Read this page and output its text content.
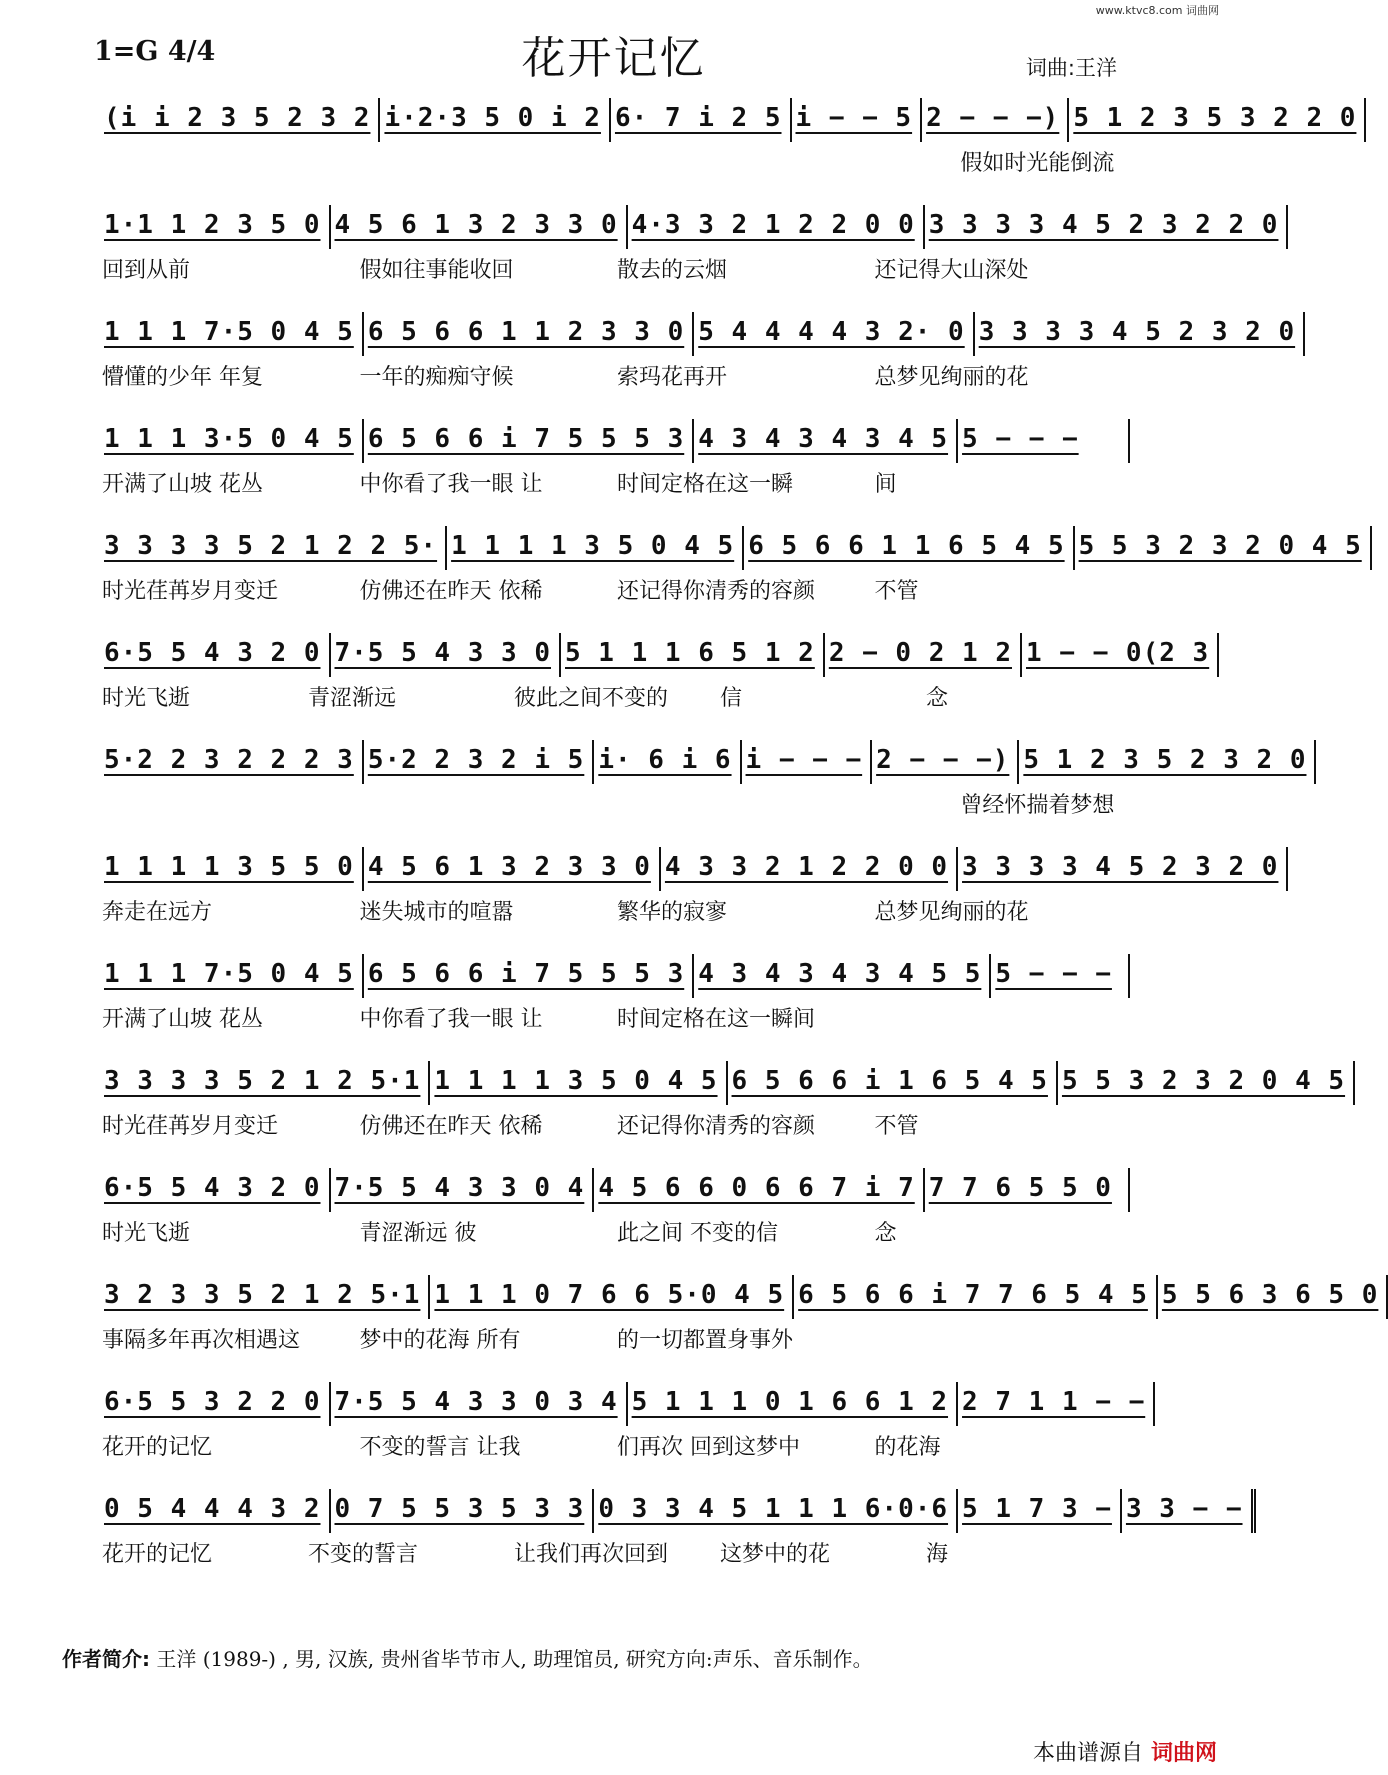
www.ktvc8.com 词曲网
1=G 4/4	花开记忆	词曲:王洋
(i i 2 3 5 2 3 2 i·2·3 5 0 i 2 6· 7 i 2 5 i − − 5 2 − − −) 5 1 2 3 5 3 2 2 0
假如时光能倒流
1·1 1 2 3 5 0 4 5 6 1 3 2 3 3 0 4·3 3 2 1 2 2 0 0 3 3 3 3 4 5 2 3 2 2 0
回到从前	假如往事能收回	散去的云烟	还记得大山深处
1 1 1 7·5 0 4 5 6 5 6 6 1 1 2 3 3 0 5 4 4 4 4 3 2· 0 3 3 3 3 4 5 2 3 2 0
懵懂的少年 年复	一年的痴痴守候	索玛花再开	总梦见绚丽的花
1 1 1 3·5 0 4 5 6 5 6 6 i 7 5 5 5 3 4 3 4 3 4 3 4 5 5 − − −
开满了山坡 花丛	中你看了我一眼 让	时间定格在这一瞬	间
3 3 3 3 5 2 1 2 2 5· 1 1 1 1 3 5 0 4 5 6 5 6 6 1 1 6 5 4 5 5 5 3 2 3 2 0 4 5
时光荏苒岁月变迁	仿佛还在昨天 依稀	还记得你清秀的容颜	不管
6·5 5 4 3 2 0 7·5 5 4 3 3 0 5 1 1 1 6 5 1 2 2 − 0 2 1 2 1 − − 0(2 3
时光飞逝	青涩渐远	彼此之间不变的	信	念
5·2 2 3 2 2 2 3 5·2 2 3 2 i 5 i· 6 i 6 i − − − 2 − − −) 5 1 2 3 5 2 3 2 0
曾经怀揣着梦想
1 1 1 1 3 5 5 0 4 5 6 1 3 2 3 3 0 4 3 3 2 1 2 2 0 0 3 3 3 3 4 5 2 3 2 0
奔走在远方	迷失城市的喧嚣	繁华的寂寥	总梦见绚丽的花
1 1 1 7·5 0 4 5 6 5 6 6 i 7 5 5 5 3 4 3 4 3 4 3 4 5 5 5 − − −
开满了山坡 花丛	中你看了我一眼 让	时间定格在这一瞬间
3 3 3 3 5 2 1 2 5·1 1 1 1 1 3 5 0 4 5 6 5 6 6 i 1 6 5 4 5 5 5 3 2 3 2 0 4 5
时光荏苒岁月变迁	仿佛还在昨天 依稀	还记得你清秀的容颜	不管
6·5 5 4 3 2 0 7·5 5 4 3 3 0 4 4 5 6 6 0 6 6 7 i 7 7 7 6 5 5 0
时光飞逝	青涩渐远 彼	此之间 不变的信	念
3 2 3 3 5 2 1 2 5·1 1 1 1 0 7 6 6 5·0 4 5 6 5 6 6 i 7 7 6 5 4 5 5 5 6 3 6 5 0
事隔多年再次相遇这	梦中的花海 所有	的一切都置身事外
6·5 5 3 2 2 0 7·5 5 4 3 3 0 3 4 5 1 1 1 0 1 6 6 1 2 2 7 1 1 − −
花开的记忆	不变的誓言 让我	们再次 回到这梦中	的花海
0 5 4 4 4 3 2 0 7 5 5 3 5 3 3 0 3 3 4 5 1 1 1 6·0·6 5 1 7 3 − 3 3 − −
花开的记忆	不变的誓言	让我们再次回到	这梦中的花	海
作者简介: 王洋 (1989-) , 男, 汉族, 贵州省毕节市人, 助理馆员, 研究方向:声乐、音乐制作。
本曲谱源自 词曲网
